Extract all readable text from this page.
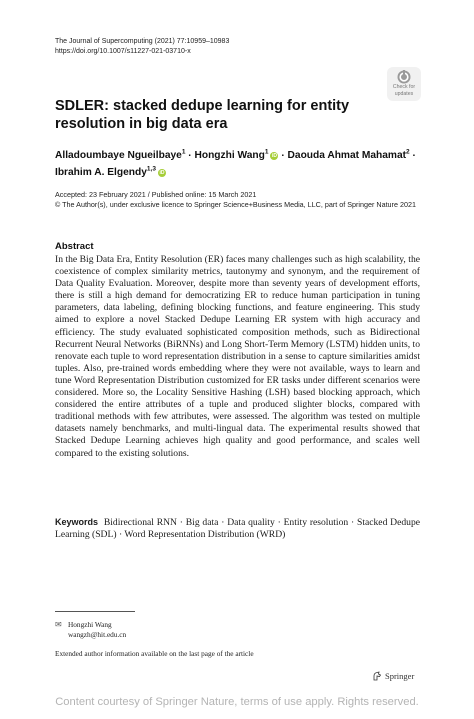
The Journal of Supercomputing (2021) 77:10959–10983
https://doi.org/10.1007/s11227-021-03710-x
Check for
updates
SDLER: stacked dedupe learning for entity resolution in big data era
Alladoumbaye Ngueilbaye$^1$ · Hongzhi Wang$^1$iD · Daouda Ahmat Mahamat$^2$ · Ibrahim A. Elgendy$^{1,3}$iD
Accepted: 23 February 2021 / Published online: 15 March 2021
© The Author(s), under exclusive licence to Springer Science+Business Media, LLC, part of Springer Nature 2021
Abstract
In the Big Data Era, Entity Resolution (ER) faces many challenges such as high scalability, the coexistence of complex similarity metrics, tautonymy and synonym, and the requirement of Data Quality Evaluation. Moreover, despite more than seventy years of development efforts, there is still a high demand for democratizing ER to reduce human participation in tuning parameters, data labeling, defining blocking functions, and feature engineering. This study aimed to explore a novel Stacked Dedupe Learning ER system with high accuracy and efficiency. The study evaluated sophisticated composition methods, such as Bidirectional Recurrent Neural Networks (BiRNNs) and Long Short-Term Memory (LSTM) hidden units, to renovate each tuple to word representation distribution in a sense to capture similarities amidst tuples. Also, pre-trained words embedding where they were not available, ways to learn and tune Word Representation Distribution customized for ER tasks under different scenarios were considered. More so, the Locality Sensitive Hashing (LSH) based blocking approach, which considered the entire attributes of a tuple and produced slighter blocks, compared with traditional methods with few attributes, were assessed. The algorithm was tested on multiple datasets namely benchmarks, and multi-lingual data. The experimental results showed that Stacked Dedupe Learning achieves high quality and good performance, and scales well compared to the existing solutions.
Keywords Bidirectional RNN · Big data · Data quality · Entity resolution · Stacked Dedupe Learning (SDL) · Word Representation Distribution (WRD)
✉ Hongzhi Wang
wangzh@hit.edu.cn
Extended author information available on the last page of the article
Springer
Content courtesy of Springer Nature, terms of use apply. Rights reserved.
